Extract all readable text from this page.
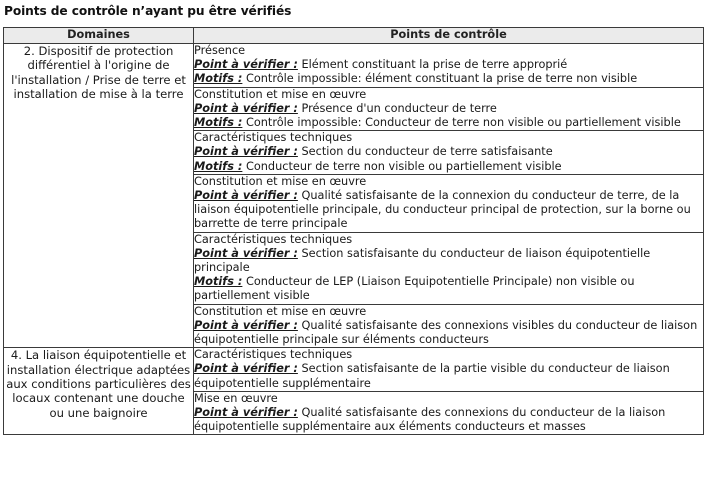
Points de contrôle n’ayant pu être vérifiés
Domaines	Points de contrôle
2. Dispositif de protection différentiel à l'origine de l'installation / Prise de terre et installation de mise à la terre	Présence
Point à vérifier : Elément constituant la prise de terre approprié
Motifs : Contrôle impossible: élément constituant la prise de terre non visible

	Constitution et mise en œuvre
Point à vérifier : Présence d'un conducteur de terre
Motifs : Contrôle impossible: Conducteur de terre non visible ou partiellement visible

	Caractéristiques techniques
Point à vérifier : Section du conducteur de terre satisfaisante
Motifs : Conducteur de terre non visible ou partiellement visible

	Constitution et mise en œuvre
Point à vérifier : Qualité satisfaisante de la connexion du conducteur de terre, de la liaison équipotentielle principale, du conducteur principal de protection, sur la borne ou barrette de terre principale

	Caractéristiques techniques
Point à vérifier : Section satisfaisante du conducteur de liaison équipotentielle principale
Motifs : Conducteur de LEP (Liaison Equipotentielle Principale) non visible ou partiellement visible

	Constitution et mise en œuvre
Point à vérifier : Qualité satisfaisante des connexions visibles du conducteur de liaison équipotentielle principale sur éléments conducteurs

4. La liaison équipotentielle et installation électrique adaptées aux conditions particulières des locaux contenant une douche ou une baignoire	Caractéristiques techniques
Point à vérifier : Section satisfaisante de la partie visible du conducteur de liaison équipotentielle supplémentaire

	Mise en œuvre
Point à vérifier : Qualité satisfaisante des connexions du conducteur de la liaison équipotentielle supplémentaire aux éléments conducteurs et masses
